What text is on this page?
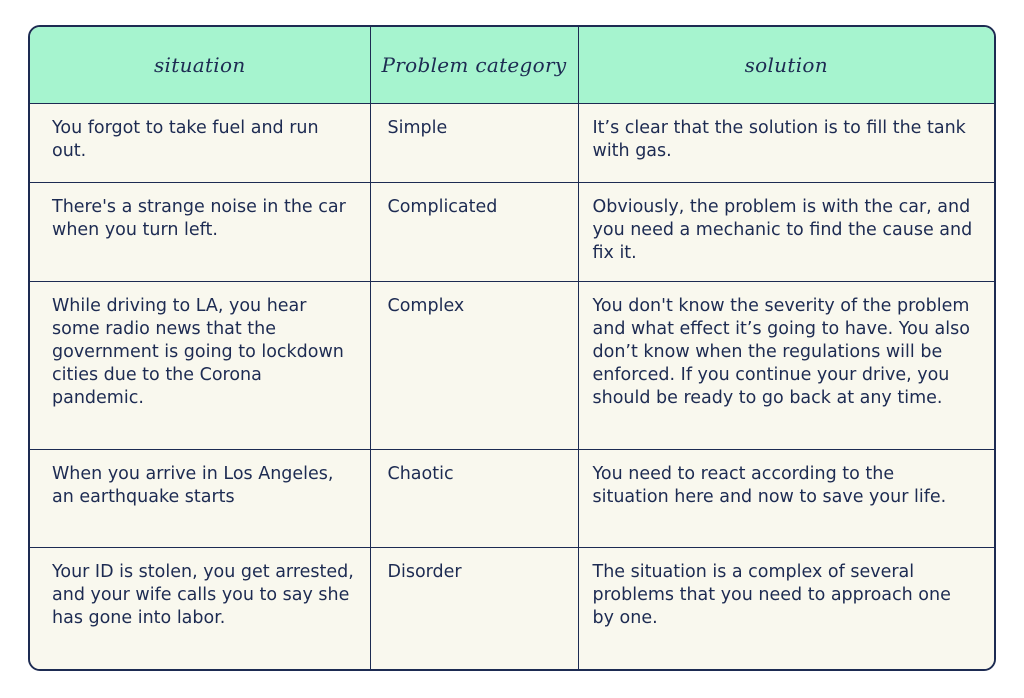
situation	Problem category	solution
You forgot to take fuel and run out.	Simple	It’s clear that the solution is to fill the tank with gas.
There's a strange noise in the car when you turn left.	Complicated	Obviously, the problem is with the car, and you need a mechanic to find the cause and fix it.
While driving to LA, you hear some radio news that the government is going to lockdown cities due to the Corona pandemic.	Complex	You don't know the severity of the problem and what effect it’s going to have. You also don’t know when the regulations will be enforced. If you continue your drive, you should be ready to go back at any time.
When you arrive in Los Angeles, an earthquake starts	Chaotic	You need to react according to the situation here and now to save your life.
Your ID is stolen, you get arrested, and your wife calls you to say she has gone into labor.	Disorder	The situation is a complex of several problems that you need to approach one by one.
